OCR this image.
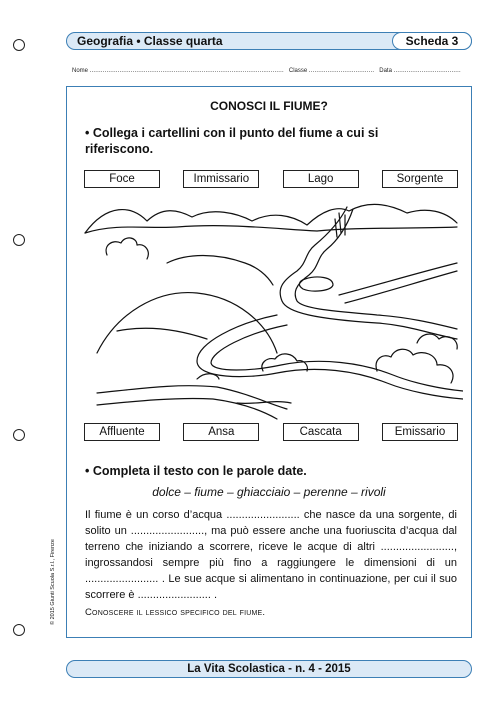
Geografia • Classe quarta	Scheda 3
Nome ........................................................................................................ Classe ................................... Data ....................................
CONOSCI IL FIUME?
• Collega i cartellini con il punto del fiume a cui si riferiscono.
Foce	Immissario	Lago	Sorgente
Affluente	Ansa	Cascata	Emissario
• Completa il testo con le parole date.
dolce – fiume – ghiacciaio – perenne – rivoli
Il fiume è un corso d’acqua ........................ che nasce da una sorgente, di solito un ........................, ma può essere anche una fuoriuscita d’acqua dal terreno che iniziando a scorrere, riceve le acque di altri ........................, ingrossandosi sempre più fino a raggiungere le dimensioni di un ........................ . Le sue acque si alimentano in continuazione, per cui il suo scorrere è ........................ .
Conoscere il lessico specifico del fiume.
© 2015 Giunti Scuola S.r.l., Firenze
La Vita Scolastica - n. 4 - 2015
